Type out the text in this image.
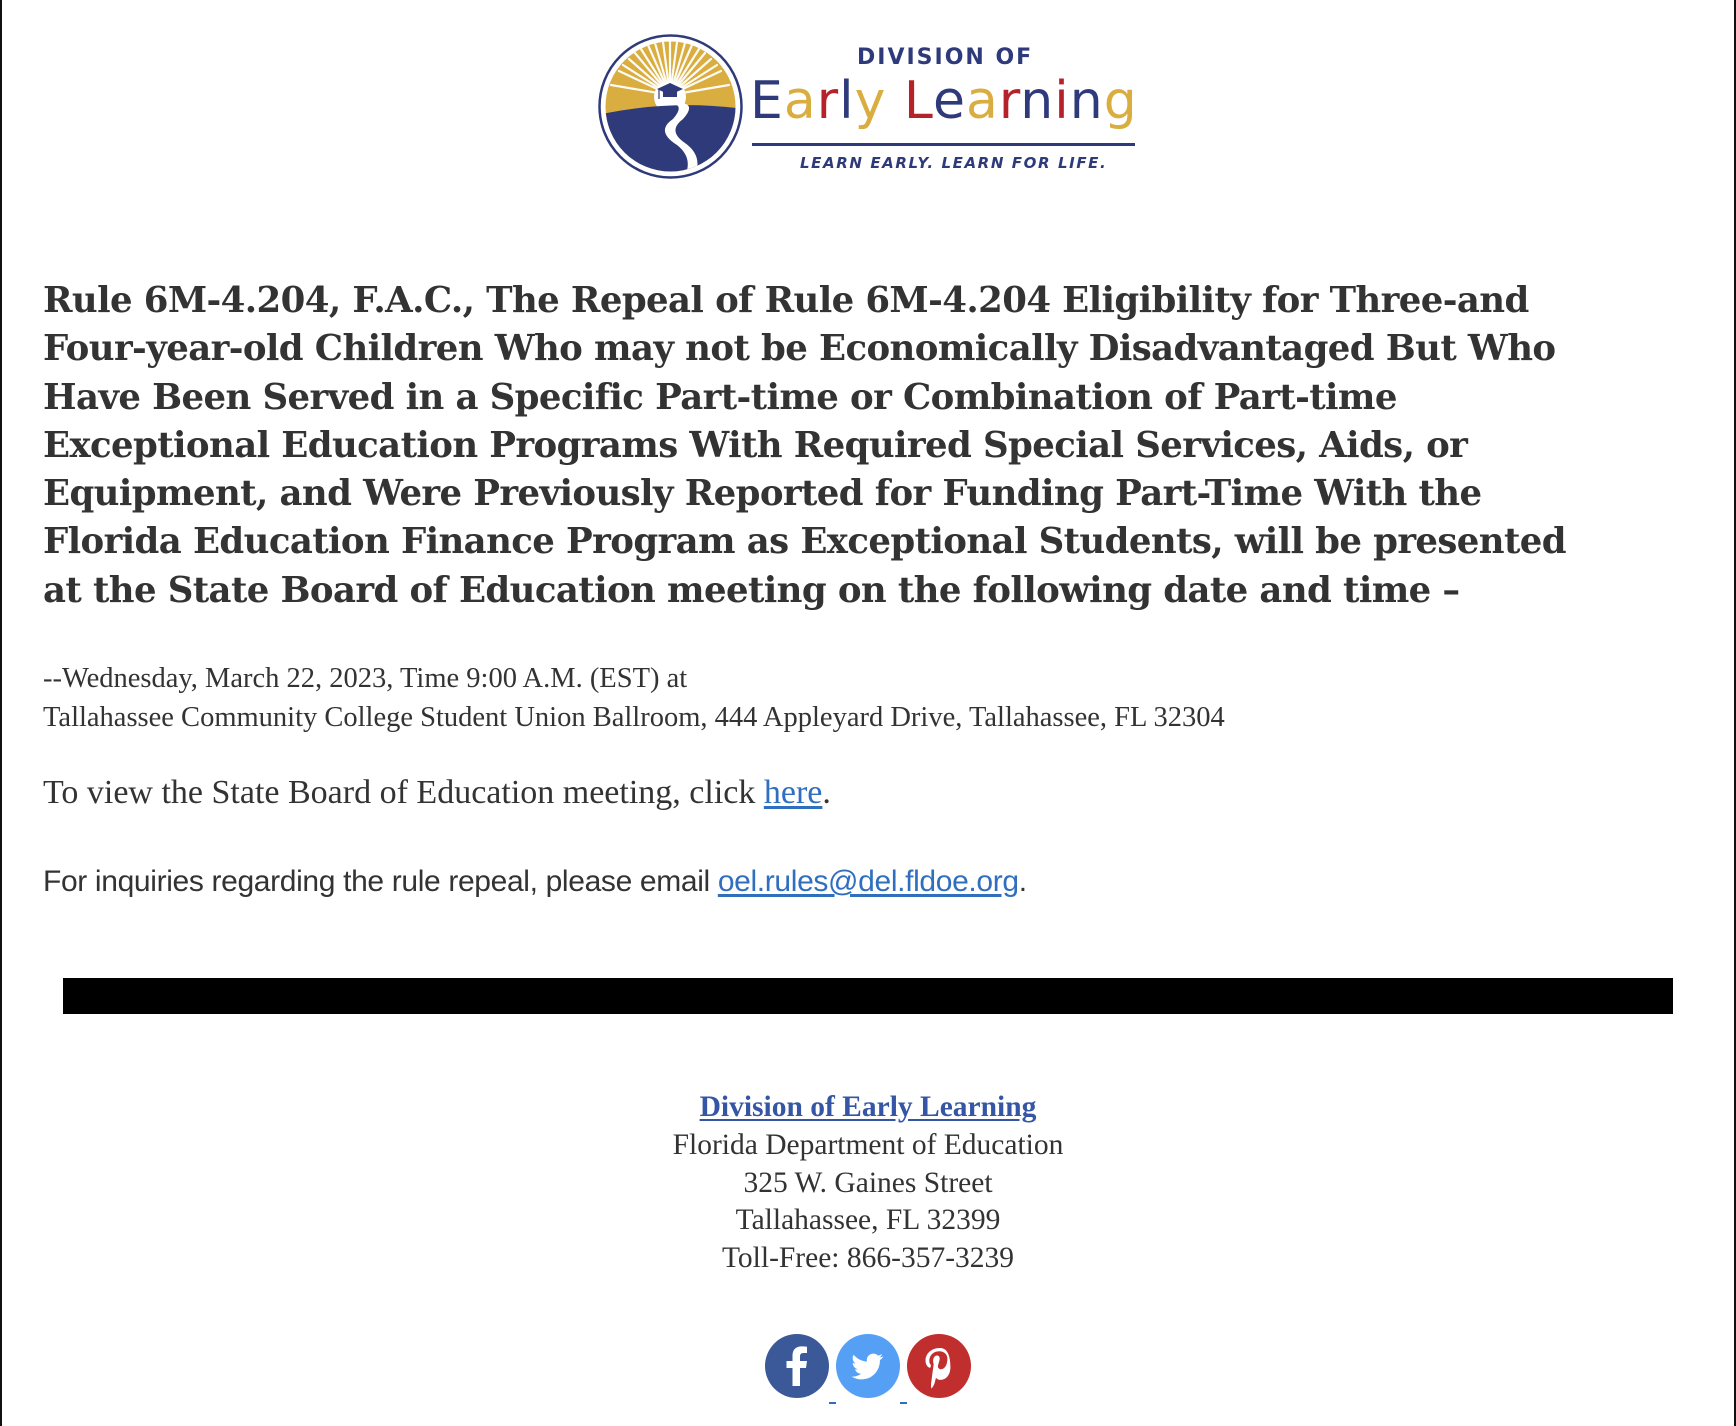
DIVISION OF
Early Learning
LEARN EARLY. LEARN FOR LIFE.
Rule 6M-4.204, F.A.C., The Repeal of Rule 6M-4.204 Eligibility for Three-and
Four-year-old Children Who may not be Economically Disadvantaged But Who
Have Been Served in a Specific Part-time or Combination of Part-time
Exceptional Education Programs With Required Special Services, Aids, or
Equipment, and Were Previously Reported for Funding Part-Time With the
Florida Education Finance Program as Exceptional Students, will be presented
at the State Board of Education meeting on the following date and time –
--Wednesday, March 22, 2023, Time 9:00 A.M. (EST) at
Tallahassee Community College Student Union Ballroom, 444 Appleyard Drive, Tallahassee, FL 32304
To view the State Board of Education meeting, click here.
For inquiries regarding the rule repeal, please email oel.rules@del.fldoe.org.
Division of Early Learning
Florida Department of Education
325 W. Gaines Street
Tallahassee, FL 32399
Toll-Free: 866-357-3239
